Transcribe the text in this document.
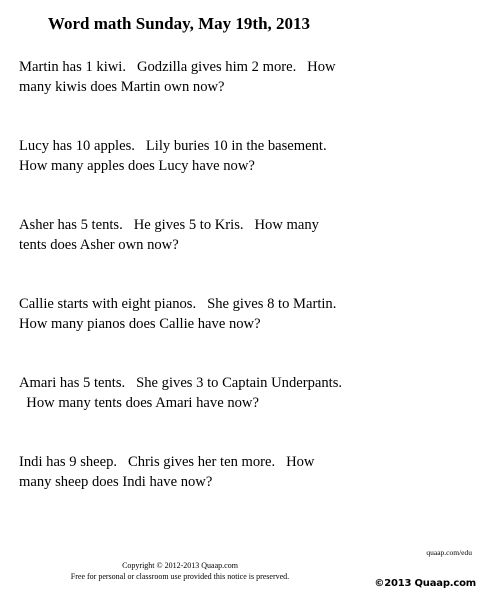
Word math Sunday, May 19th, 2013
Martin has 1 kiwi.   Godzilla gives him 2 more.   How
many kiwis does Martin own now?
Lucy has 10 apples.   Lily buries 10 in the basement.
How many apples does Lucy have now?
Asher has 5 tents.   He gives 5 to Kris.   How many
tents does Asher own now?
Callie starts with eight pianos.   She gives 8 to Martin.
How many pianos does Callie have now?
Amari has 5 tents.   She gives 3 to Captain Underpants.
How many tents does Amari have now?
Indi has 9 sheep.   Chris gives her ten more.   How
many sheep does Indi have now?
quaap.com/edu
Copyright © 2012-2013 Quaap.com
Free for personal or classroom use provided this notice is preserved.
©2013 Quaap.com
